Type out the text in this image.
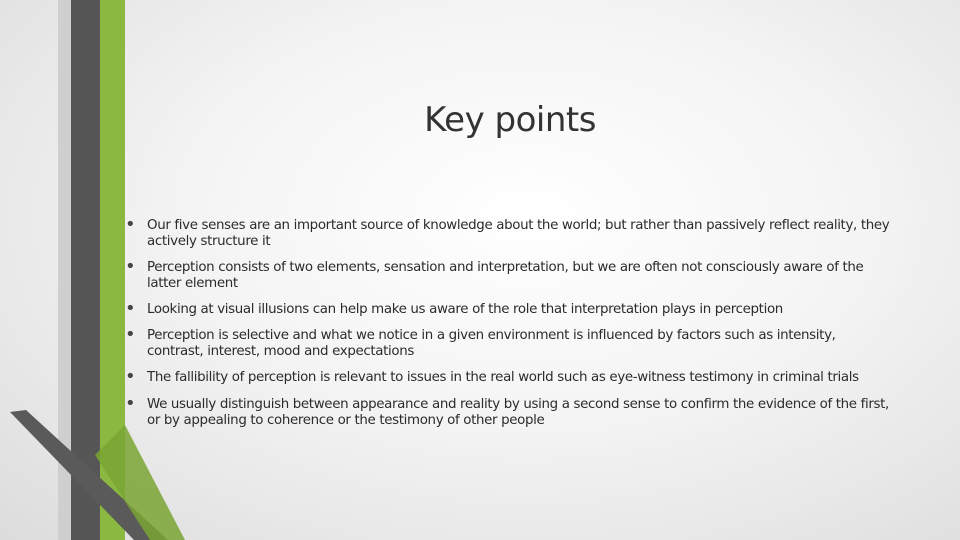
Key points
• Our five senses are an important source of knowledge about the world; but rather than passively reflect reality, they actively structure it
• Perception consists of two elements, sensation and interpretation, but we are often not consciously aware of the latter element
• Looking at visual illusions can help make us aware of the role that interpretation plays in perception
• Perception is selective and what we notice in a given environment is influenced by factors such as intensity, contrast, interest, mood and expectations
• The fallibility of perception is relevant to issues in the real world such as eye-witness testimony in criminal trials
• We usually distinguish between appearance and reality by using a second sense to confirm the evidence of the first, or by appealing to coherence or the testimony of other people
